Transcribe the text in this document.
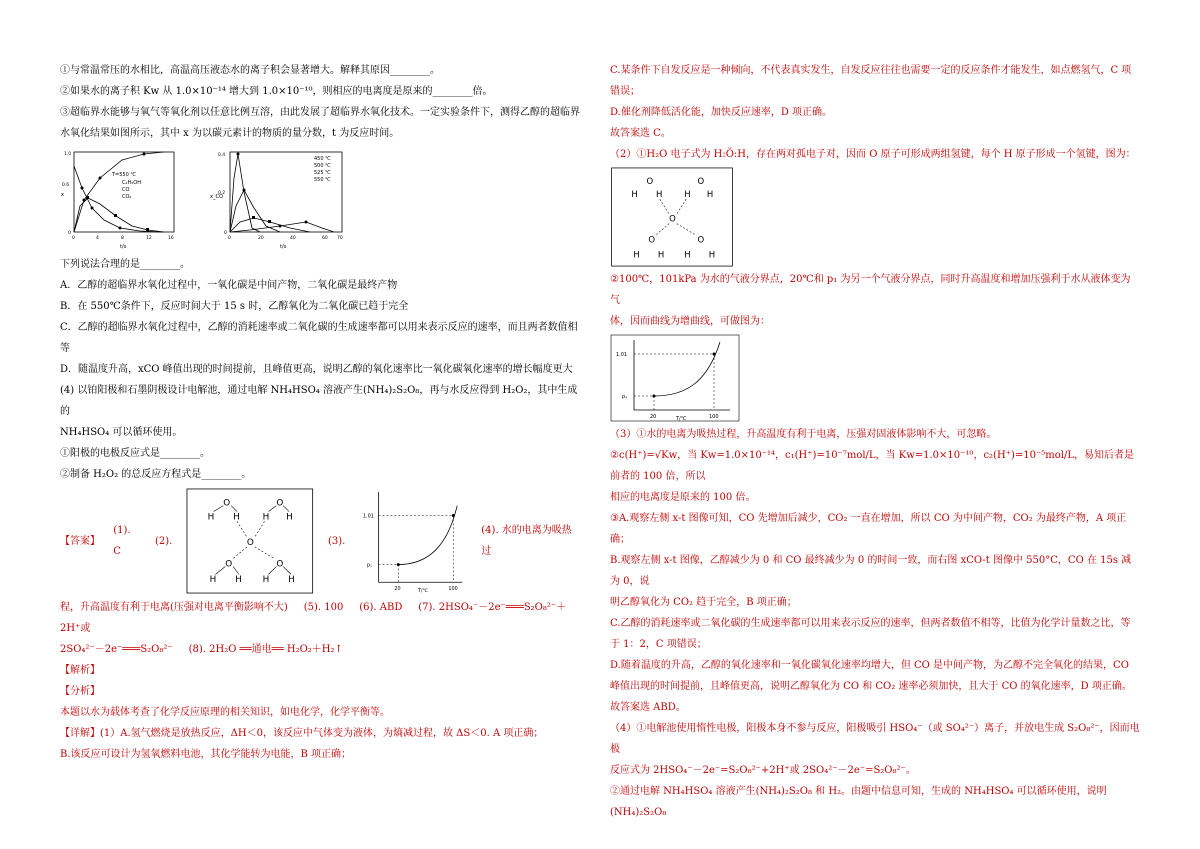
①与常温常压的水相比，高温高压液态水的离子积会显著增大。解释其原因________。

②如果水的离子积 Kw 从 1.0×10⁻¹⁴ 增大到 1.0×10⁻¹⁰，则相应的电离度是原来的________倍。

③超临界水能够与氧气等氧化剂以任意比例互溶，由此发展了超临界水氧化技术。一定实验条件下，测得乙醇的超临界

水氧化结果如图所示，其中 x 为以碳元素计的物质的量分数，t 为反应时间。

T=550 ℃
C₂H₅OH
CO
CO₂
0	4	8	12	16
0
0.6
1.0
t/s
x
450 ℃
500 ℃
525 ℃
550 ℃
0	20	40	60 70
0
0.2
0.4
t/s
x_CO

下列说法合理的是________。

A．乙醇的超临界水氧化过程中，一氧化碳是中间产物，二氧化碳是最终产物

B．在 550℃条件下，反应时间大于 15 s 时，乙醇氧化为二氧化碳已趋于完全

C．乙醇的超临界水氧化过程中，乙醇的消耗速率或二氧化碳的生成速率都可以用来表示反应的速率，而且两者数值相

等

D．随温度升高，xCO 峰值出现的时间提前，且峰值更高，说明乙醇的氧化速率比一氧化碳氧化速率的增长幅度更大

(4) 以铂阳极和石墨阴极设计电解池，通过电解 NH₄HSO₄ 溶液产生(NH₄)₂S₂O₈，再与水反应得到 H₂O₂，其中生成的

NH₄HSO₄ 可以循环使用。

①阳极的电极反应式是________。

②制备 H₂O₂ 的总反应方程式是________。

【答案】
(1). C
(2).
O
H H
O
H H
O
O
H H
O
H H
(3).
1.01
p₁
20	100
T/℃
(4). 水的电离为吸热过

程，升高温度有利于电离(压强对电离平衡影响不大) (5). 100 (6). ABD (7). 2HSO₄⁻－2e⁻═══S₂O₈²⁻＋2H⁺或

2SO₄²⁻－2e⁻═══S₂O₈²⁻ (8). 2H₂O ══通电══ H₂O₂＋H₂↑

【解析】

【分析】

本题以水为载体考查了化学反应原理的相关知识，如电化学，化学平衡等。

【详解】(1）A.氢气燃烧是放热反应，ΔH＜0，该反应中气体变为液体，为熵减过程，故 ΔS＜0. A 项正确；

B.该反应可设计为氢氧燃料电池，其化学能转为电能，B 项正确；

C.某条件下自发反应是一种倾向，不代表真实发生，自发反应往往也需要一定的反应条件才能发生，如点燃氢气，C 项

错误；

D.催化剂降低活化能，加快反应速率，D 项正确。

故答案选 C。

（2）①H₂O 电子式为 H:Ö:H，存在两对孤电子对，因而 O 原子可形成两组氢键，每个 H 原子形成一个氢键，图为：

O
H H
O
H H
O
O
H H
O
H H

②100℃，101kPa 为水的气液分界点，20℃和 p₁ 为另一个气液分界点，同时升高温度和增加压强利于水从液体变为气

体，因而曲线为增曲线，可做图为：

1.01
p₁
20	100
T/℃

（3）①水的电离为吸热过程，升高温度有利于电离，压强对固液体影响不大，可忽略。

②c(H⁺)=√Kw，当 Kw=1.0×10⁻¹⁴，c₁(H⁺)=10⁻⁷mol/L，当 Kw=1.0×10⁻¹⁰，c₂(H⁺)=10⁻⁵mol/L，易知后者是前者的 100 倍，所以

相应的电离度是原来的 100 倍。

③A.观察左侧 x-t 图像可知，CO 先增加后减少，CO₂ 一直在增加，所以 CO 为中间产物，CO₂ 为最终产物，A 项正确；

B.观察左侧 x-t 图像，乙醇减少为 0 和 CO 最终减少为 0 的时间一致，而右图 xCO-t 图像中 550°C，CO 在 15s 减为 0，说

明乙醇氧化为 CO₂ 趋于完全，B 项正确；

C.乙醇的消耗速率或二氧化碳的生成速率都可以用来表示反应的速率，但两者数值不相等，比值为化学计量数之比，等

于 1：2，C 项错误；

D.随着温度的升高，乙醇的氧化速率和一氧化碳氧化速率均增大，但 CO 是中间产物，为乙醇不完全氧化的结果，CO

峰值出现的时间提前，且峰值更高，说明乙醇氧化为 CO 和 CO₂ 速率必须加快，且大于 CO 的氧化速率，D 项正确。

故答案选 ABD。

（4）①电解池使用惰性电极，阳极本身不参与反应，阳极吸引 HSO₄⁻（或 SO₄²⁻）离子，并放电生成 S₂O₈²⁻，因而电极

反应式为 2HSO₄⁻－2e⁻=S₂O₈²⁻+2H⁺或 2SO₄²⁻－2e⁻=S₂O₈²⁻。

②通过电解 NH₄HSO₄ 溶液产生(NH₄)₂S₂O₈ 和 H₂。由题中信息可知，生成的 NH₄HSO₄ 可以循环使用，说明(NH₄)₂S₂O₈
